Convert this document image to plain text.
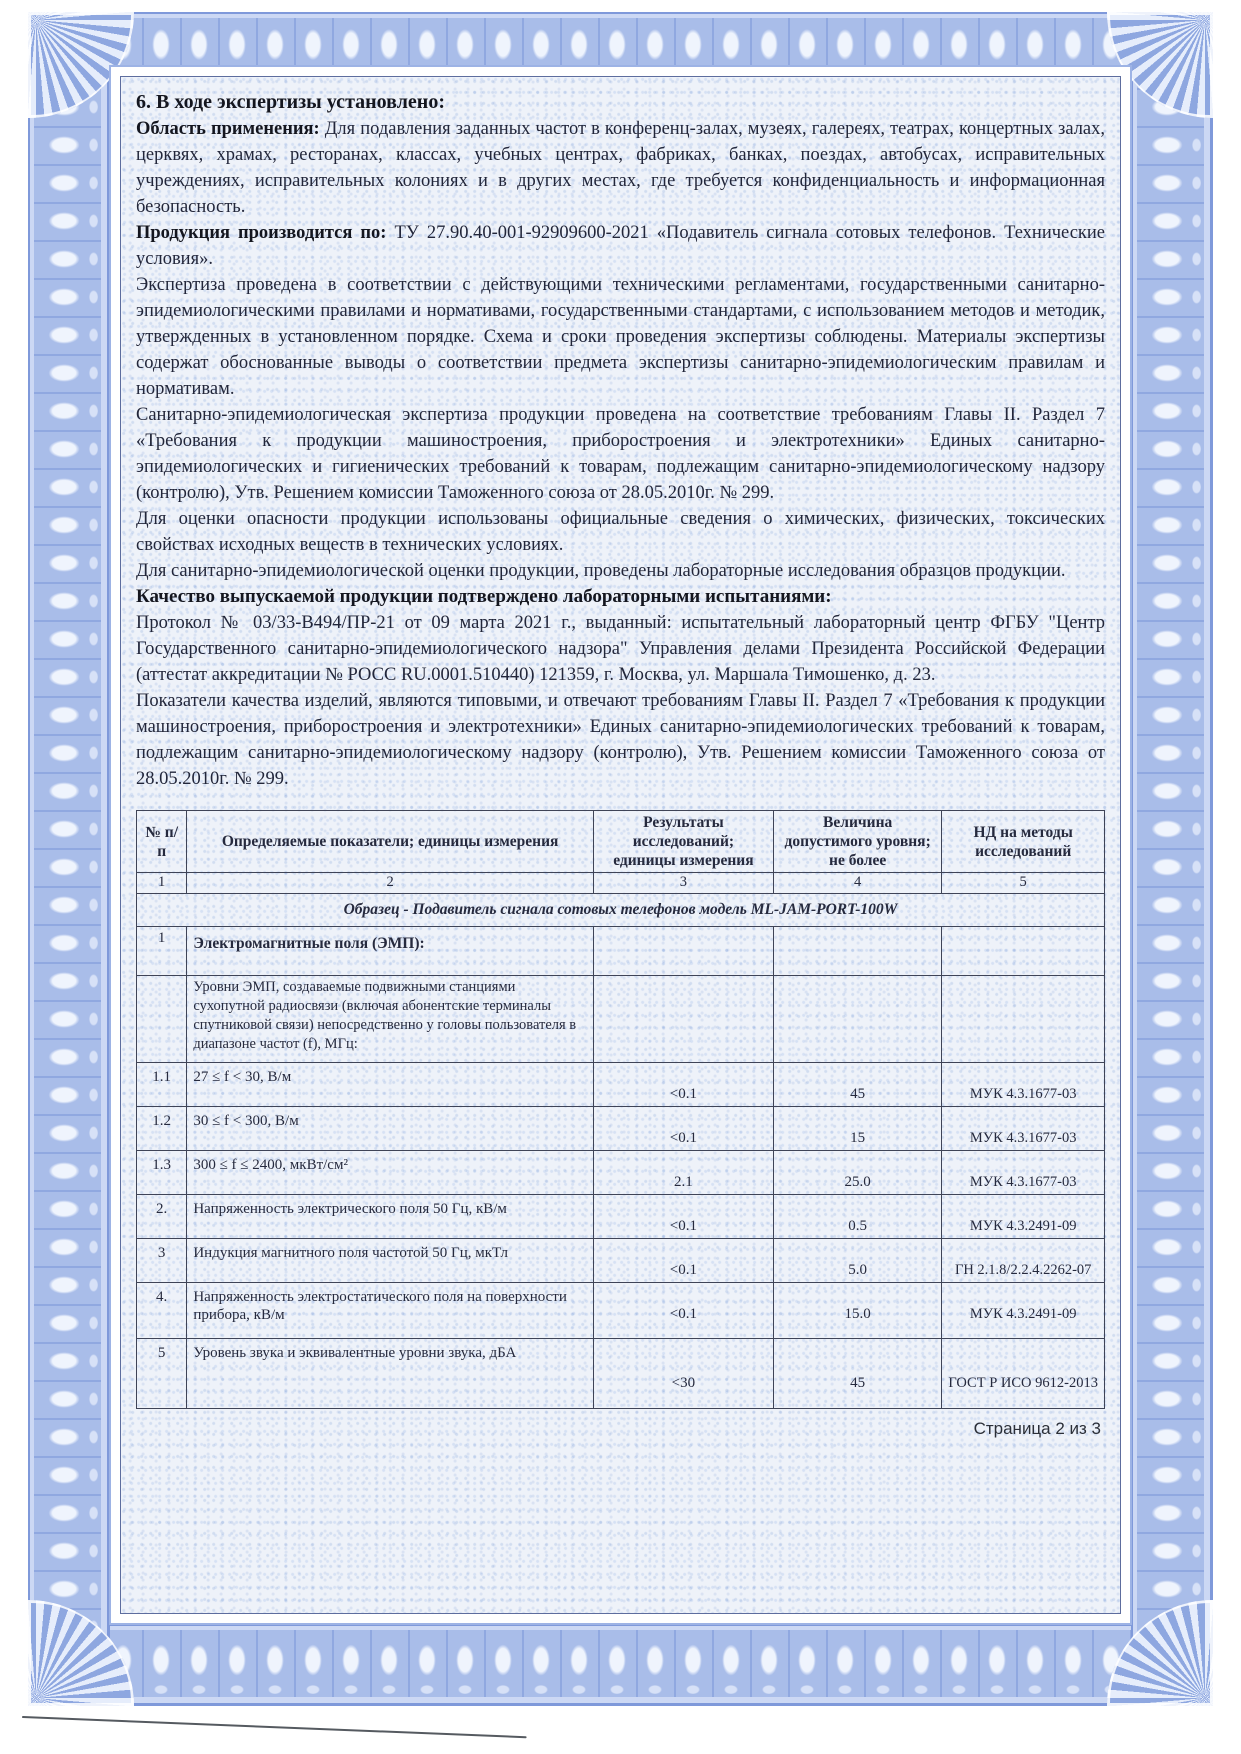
6. В ходе экспертизы установлено:

Область применения: Для подавления заданных частот в конференц-залах, музеях, галереях, театрах, концертных залах, церквях, храмах, ресторанах, классах, учебных центрах, фабриках, банках, поездах, автобусах, исправительных учреждениях, исправительных колониях и в других местах, где требуется конфиденциальность и информационная безопасность.

Продукция производится по: ТУ 27.90.40-001-92909600-2021 «Подавитель сигнала сотовых телефонов. Технические условия».

Экспертиза проведена в соответствии с действующими техническими регламентами, государственными санитарно-эпидемиологическими правилами и нормативами, государственными стандартами, с использованием методов и методик, утвержденных в установленном порядке. Схема и сроки проведения экспертизы соблюдены. Материалы экспертизы содержат обоснованные выводы о соответствии предмета экспертизы санитарно-эпидемиологическим правилам и нормативам.

Санитарно-эпидемиологическая экспертиза продукции проведена на соответствие требованиям Главы II. Раздел 7 «Требования к продукции машиностроения, приборостроения и электротехники» Единых санитарно-эпидемиологических и гигиенических требований к товарам, подлежащим санитарно-эпидемиологическому надзору (контролю), Утв. Решением комиссии Таможенного союза от 28.05.2010г. № 299.

Для оценки опасности продукции использованы официальные сведения о химических, физических, токсических свойствах исходных веществ в технических условиях.

Для санитарно-эпидемиологической оценки продукции, проведены лабораторные исследования образцов продукции.

Качество выпускаемой продукции подтверждено лабораторными испытаниями:

Протокол № 03/33-В494/ПР-21 от 09 марта 2021 г., выданный: испытательный лабораторный центр ФГБУ "Центр Государственного санитарно-эпидемиологического надзора" Управления делами Президента Российской Федерации (аттестат аккредитации № РОСС RU.0001.510440) 121359, г. Москва, ул. Маршала Тимошенко, д. 23.

Показатели качества изделий, являются типовыми, и отвечают требованиям Главы II. Раздел 7 «Требования к продукции машиностроения, приборостроения и электротехники» Единых санитарно-эпидемиологических требований к товарам, подлежащим санитарно-эпидемиологическому надзору (контролю), Утв. Решением комиссии Таможенного союза от 28.05.2010г. № 299.

№ п/п	Определяемые показатели; единицы измерения	Результаты исследований; единицы измерения	Величина допустимого уровня; не более	НД на методы исследований
1	2	3	4	5
Образец - Подавитель сигнала сотовых телефонов модель ML-JAM-PORT-100W				
1	Электромагнитные поля (ЭМП):			
	Уровни ЭМП, создаваемые подвижными станциями сухопутной радиосвязи (включая абонентские терминалы спутниковой связи) непосредственно у головы пользователя в диапазоне частот (f), МГц:			
1.1	27 ≤ f < 30, В/м	<0.1	45	МУК 4.3.1677-03

1.2	30 ≤ f < 300, В/м	<0.1	15	МУК 4.3.1677-03

1.3	300 ≤ f ≤ 2400, мкВт/см²	2.1	25.0	МУК 4.3.1677-03

2.	Напряженность электрического поля 50 Гц, кВ/м	<0.1	0.5	МУК 4.3.2491-09

3	Индукция магнитного поля частотой 50 Гц, мкТл	<0.1	5.0	ГН 2.1.8/2.2.4.2262-07

4.	Напряженность электростатического поля на поверхности прибора, кВ/м	<0.1	15.0	МУК 4.3.2491-09

5	Уровень звука и эквивалентные уровни звука, дБА	<30	45	ГОСТ Р ИСО 9612-2013
Страница 2 из 3
